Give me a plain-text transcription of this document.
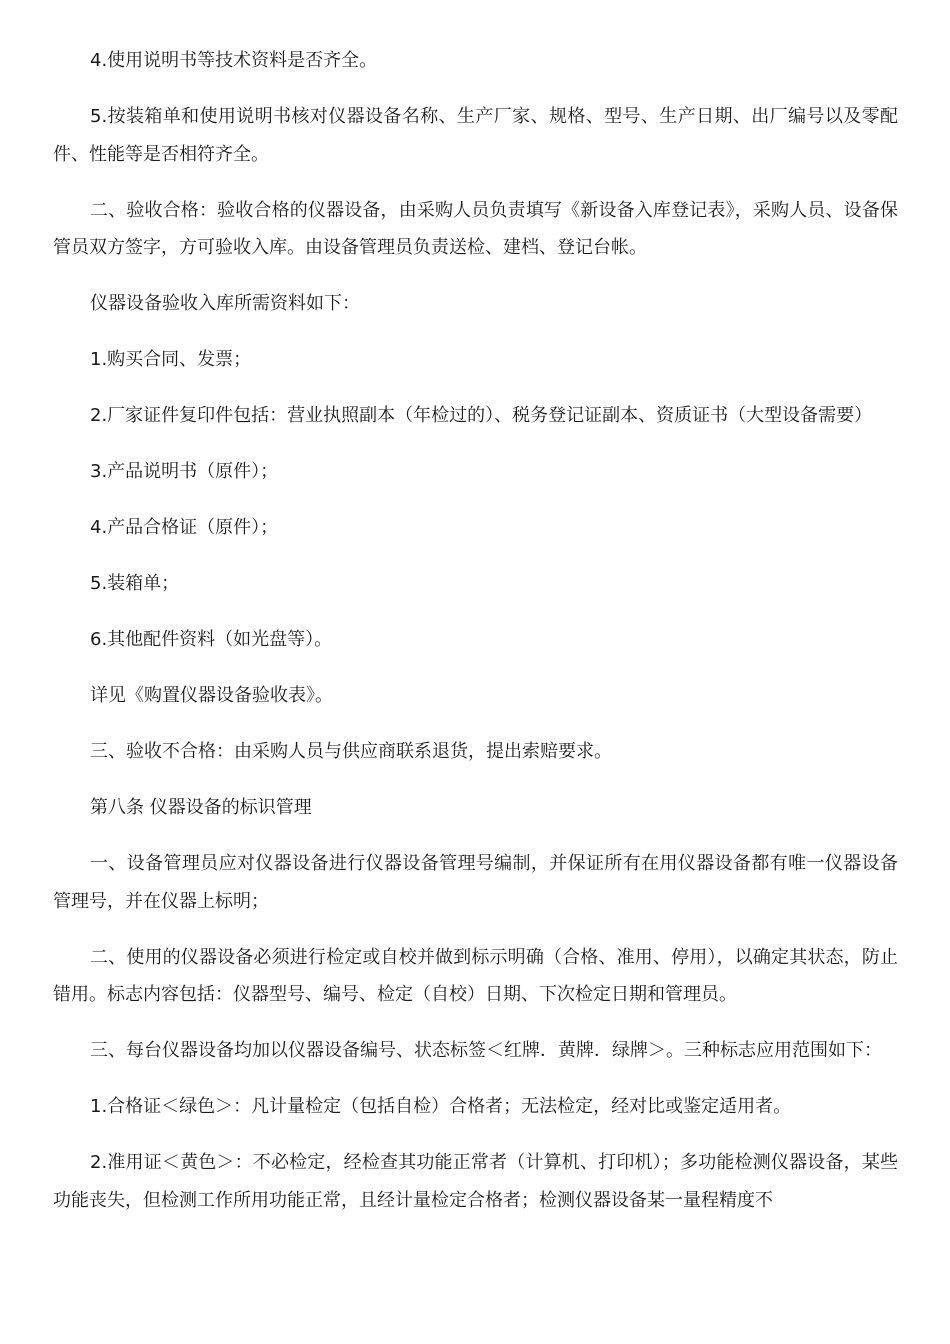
4.使用说明书等技术资料是否齐全。

5.按装箱单和使用说明书核对仪器设备名称、生产厂家、规格、型号、生产日期、出厂编号以及零配件、性能等是否相符齐全。

二、验收合格：验收合格的仪器设备，由采购人员负责填写《新设备入库登记表》，采购人员、设备保管员双方签字，方可验收入库。由设备管理员负责送检、建档、登记台帐。

仪器设备验收入库所需资料如下：

1.购买合同、发票；

2.厂家证件复印件包括：营业执照副本（年检过的）、税务登记证副本、资质证书（大型设备需要）

3.产品说明书（原件）；

4.产品合格证（原件）；

5.装箱单；

6.其他配件资料（如光盘等）。

详见《购置仪器设备验收表》。

三、验收不合格：由采购人员与供应商联系退货，提出索赔要求。

第八条 仪器设备的标识管理

一、设备管理员应对仪器设备进行仪器设备管理号编制，并保证所有在用仪器设备都有唯一仪器设备管理号，并在仪器上标明；

二、使用的仪器设备必须进行检定或自校并做到标示明确（合格、准用、停用），以确定其状态，防止错用。标志内容包括：仪器型号、编号、检定（自校）日期、下次检定日期和管理员。

三、每台仪器设备均加以仪器设备编号、状态标签＜红牌．黄牌．绿牌＞。三种标志应用范围如下：

1.合格证＜绿色＞：凡计量检定（包括自检）合格者；无法检定，经对比或鉴定适用者。

2.准用证＜黄色＞：不必检定，经检查其功能正常者（计算机、打印机）；多功能检测仪器设备，某些功能丧失，但检测工作所用功能正常，且经计量检定合格者；检测仪器设备某一量程精度不
